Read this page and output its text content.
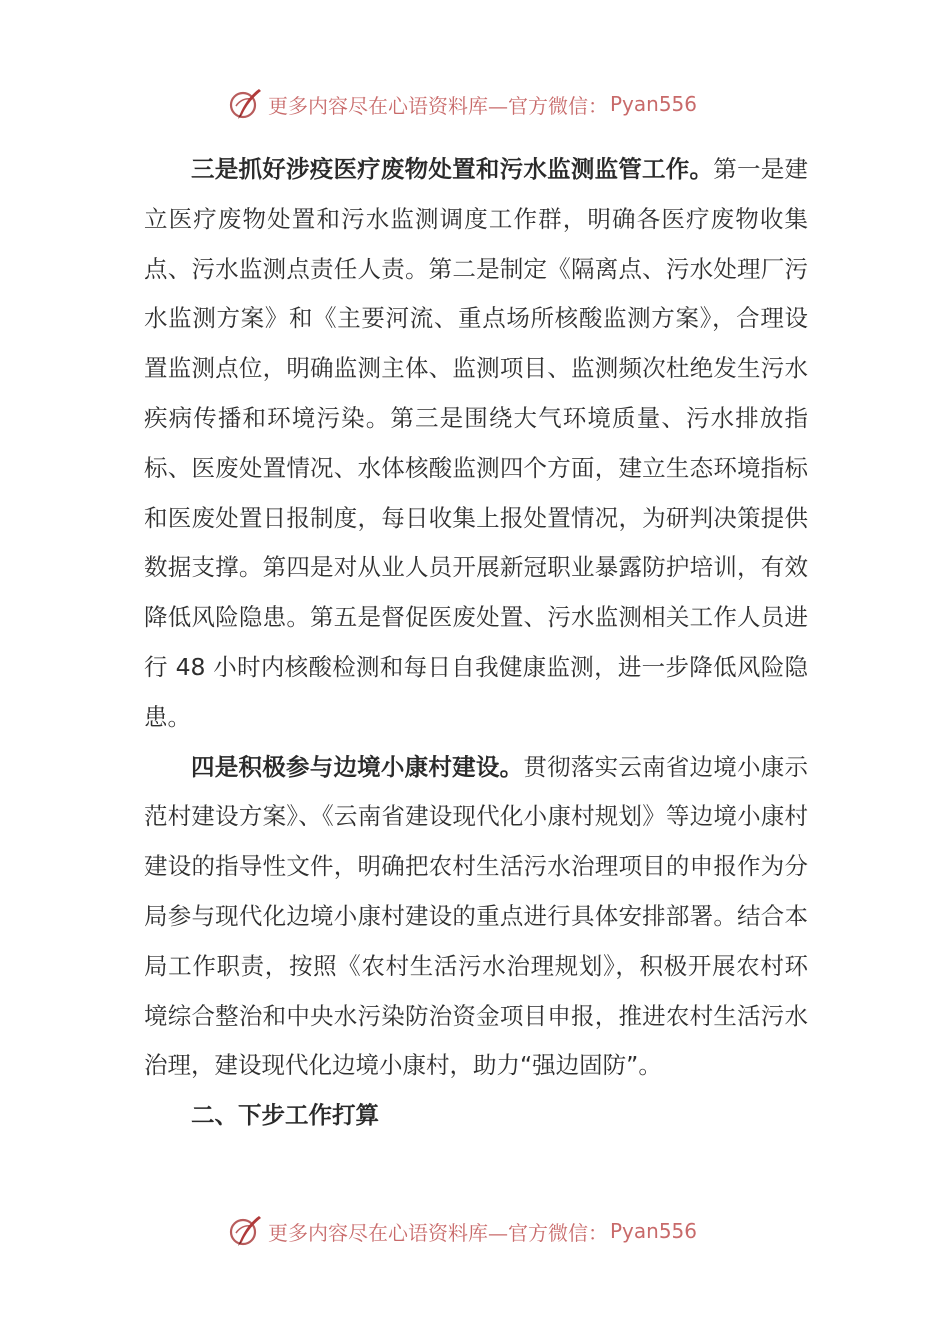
更多内容尽在心语资料库—官方微信： Pyan556

三是抓好涉疫医疗废物处置和污水监测监管工作。第一是建立医疗废物处置和污水监测调度工作群，明确各医疗废物收集点、污水监测点责任人责。第二是制定《隔离点、污水处理厂污水监测方案》和《主要河流、重点场所核酸监测方案》，合理设置监测点位，明确监测主体、监测项目、监测频次杜绝发生污水疾病传播和环境污染。第三是围绕大气环境质量、污水排放指标、医废处置情况、水体核酸监测四个方面，建立生态环境指标和医废处置日报制度，每日收集上报处置情况，为研判决策提供数据支撑。第四是对从业人员开展新冠职业暴露防护培训，有效降低风险隐患。第五是督促医废处置、污水监测相关工作人员进行 48 小时内核酸检测和每日自我健康监测，进一步降低风险隐患。

四是积极参与边境小康村建设。贯彻落实云南省边境小康示范村建设方案》、《云南省建设现代化小康村规划》等边境小康村建设的指导性文件，明确把农村生活污水治理项目的申报作为分局参与现代化边境小康村建设的重点进行具体安排部署。结合本局工作职责，按照《农村生活污水治理规划》，积极开展农村环境综合整治和中央水污染防治资金项目申报，推进农村生活污水治理，建设现代化边境小康村，助力“强边固防”。

二、下步工作打算

更多内容尽在心语资料库—官方微信： Pyan556
